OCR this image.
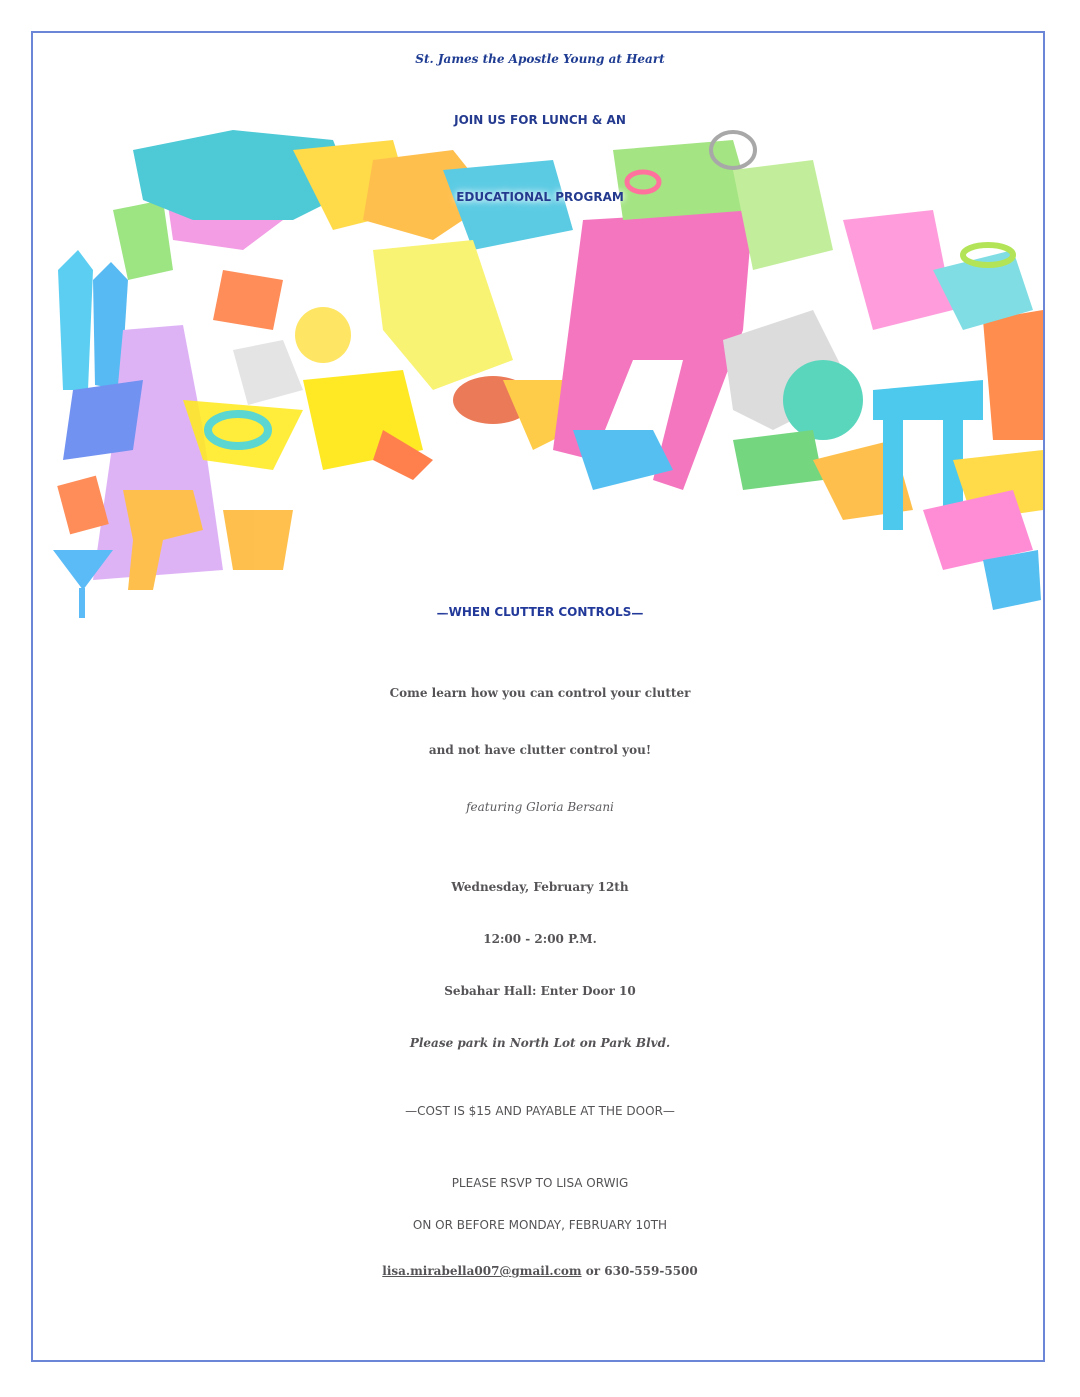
St. James the Apostle Young at Heart
JOIN US FOR LUNCH & AN
EDUCATIONAL PROGRAM
—WHEN CLUTTER CONTROLS—
Come learn how you can control your clutter
and not have clutter control you!
featuring Gloria Bersani
Wednesday, February 12th
12:00 - 2:00 P.M.
Sebahar Hall: Enter Door 10
Please park in North Lot on Park Blvd.
—COST IS $15 AND PAYABLE AT THE DOOR—
PLEASE RSVP TO LISA ORWIG
ON OR BEFORE MONDAY, FEBRUARY 10TH
lisa.mirabella007@gmail.com or 630-559-5500
